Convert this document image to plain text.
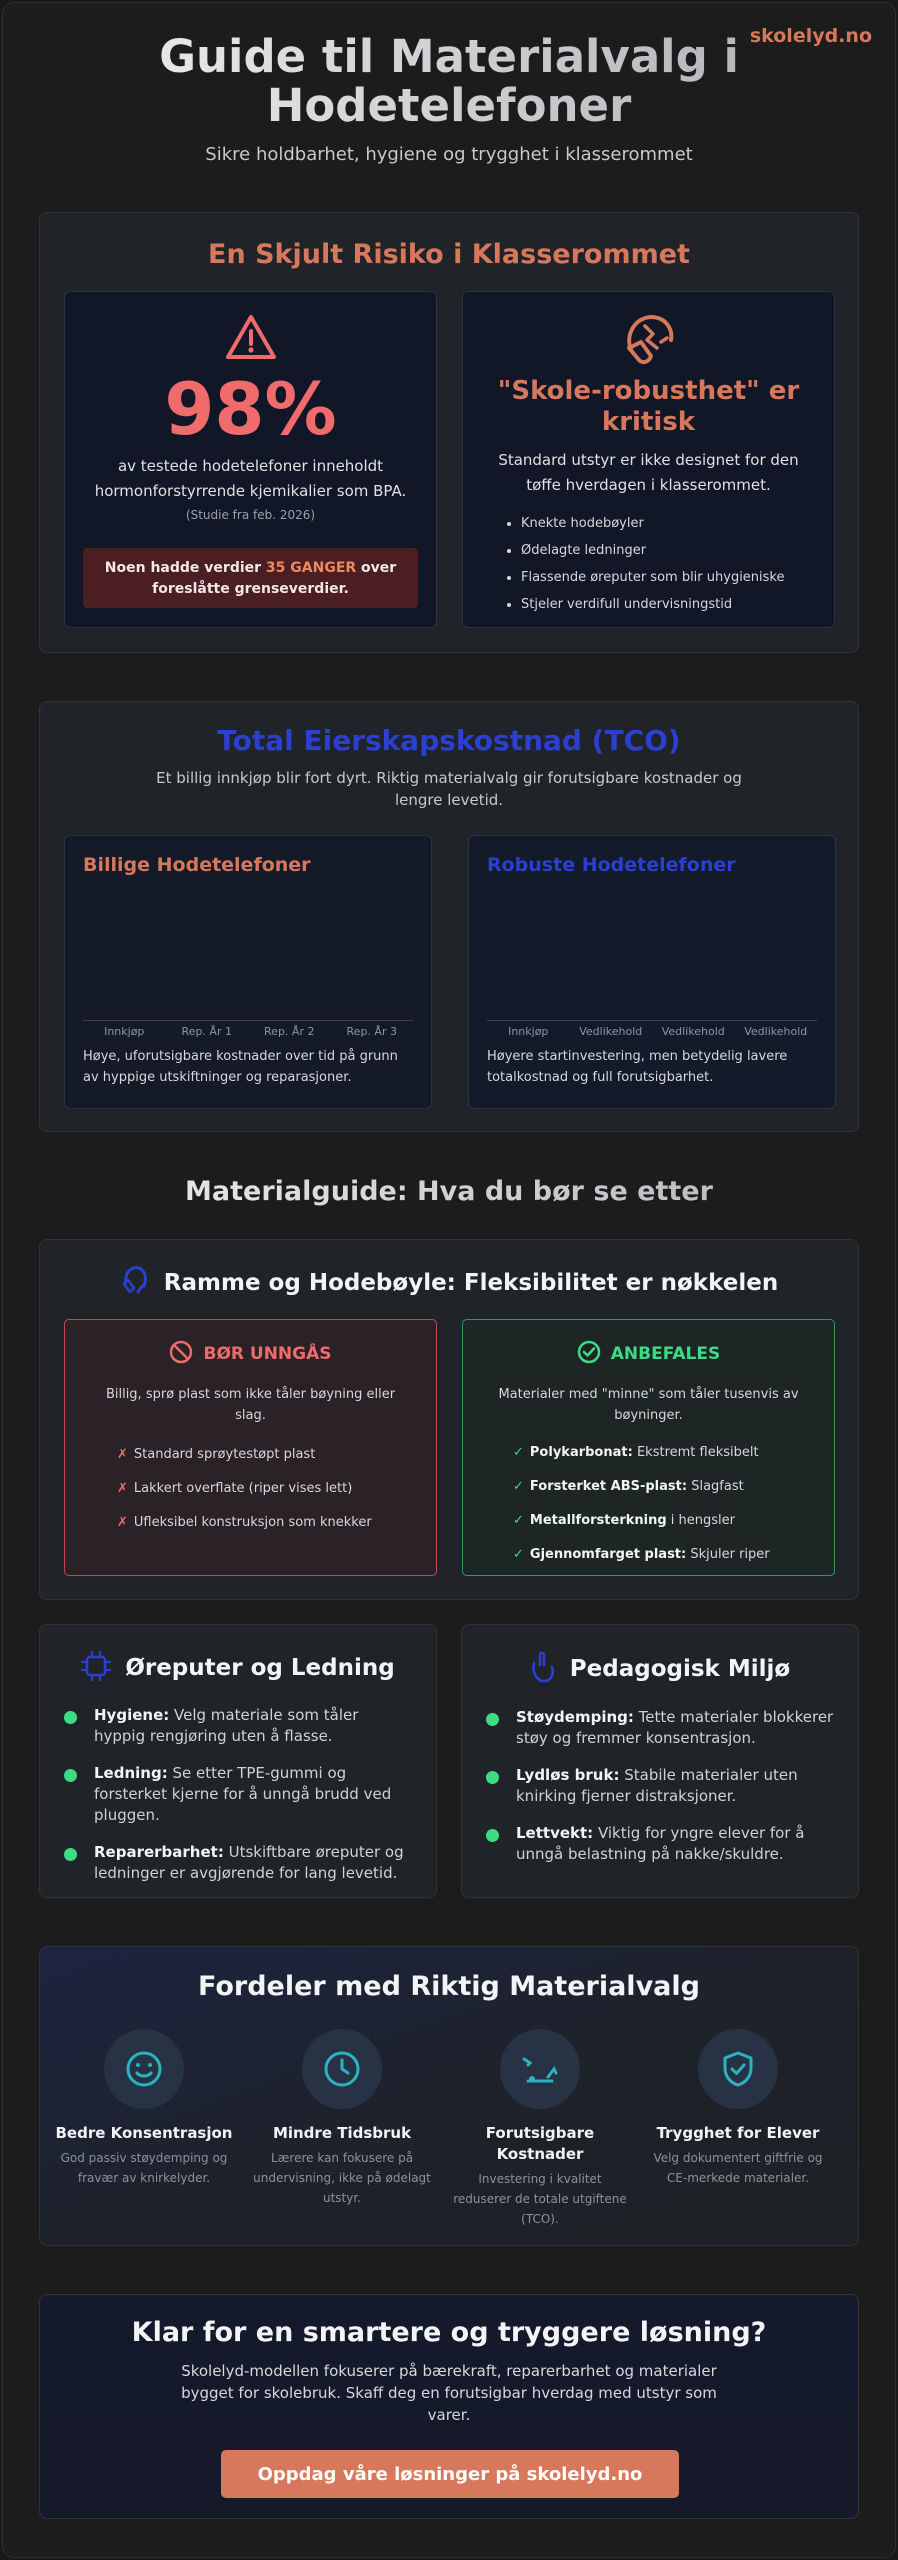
Guide til Materialvalg i Hodetelefoner

Sikre holdbarhet, hygiene og trygghet i klasserommet

En Skjult Risiko i Klasserommet
98%
av testede hodetelefoner inneholdt hormonforstyrrende kjemikalier som BPA.
(Studie fra feb. 2026)
Noen hadde verdier 35 GANGER over foreslåtte grenseverdier.
"Skole-robusthet" er kritisk
Standard utstyr er ikke designet for den tøffe hverdagen i klasserommet.
• Knekte hodebøyler
• Ødelagte ledninger
• Flassende øreputer som blir uhygieniske
• Stjeler verdifull undervisningstid
Total Eierskapskostnad (TCO)
Et billig innkjøp blir fort dyrt. Riktig materialvalg gir forutsigbare kostnader og lengre levetid.
Billige Hodetelefoner
Innkjøp	Rep. År 1	Rep. År 2	Rep. År 3
Høye, uforutsigbare kostnader over tid på grunn av hyppige utskiftninger og reparasjoner.
Robuste Hodetelefoner
Innkjøp	Vedlikehold	Vedlikehold	Vedlikehold
Høyere startinvestering, men betydelig lavere totalkostnad og full forutsigbarhet.
Materialguide: Hva du bør se etter
Ramme og Hodebøyle: Fleksibilitet er nøkkelen
BØR UNNGÅS
Billig, sprø plast som ikke tåler bøyning eller slag.
✗ Standard sprøytestøpt plast
✗ Lakkert overflate (riper vises lett)
✗ Ufleksibel konstruksjon som knekker
ANBEFALES
Materialer med "minne" som tåler tusenvis av bøyninger.
✓ Polykarbonat: Ekstremt fleksibelt
✓ Forsterket ABS-plast: Slagfast
✓ Metallforsterkning i hengsler
✓ Gjennomfarget plast: Skjuler riper
Øreputer og Ledning
Hygiene: Velg materiale som tåler hyppig rengjøring uten å flasse.
Ledning: Se etter TPE-gummi og forsterket kjerne for å unngå brudd ved pluggen.
Reparerbarhet: Utskiftbare øreputer og ledninger er avgjørende for lang levetid.
Pedagogisk Miljø
Støydemping: Tette materialer blokkerer støy og fremmer konsentrasjon.
Lydløs bruk: Stabile materialer uten knirking fjerner distraksjoner.
Lettvekt: Viktig for yngre elever for å unngå belastning på nakke/skuldre.
Fordeler med Riktig Materialvalg
Bedre Konsentrasjon
God passiv støydemping og fravær av knirkelyder.
Mindre Tidsbruk
Lærere kan fokusere på undervisning, ikke på ødelagt utstyr.
Forutsigbare Kostnader
Investering i kvalitet reduserer de totale utgiftene (TCO).
Trygghet for Elever
Velg dokumentert giftfrie og CE-merkede materialer.
Klar for en smartere og tryggere løsning?
Skolelyd-modellen fokuserer på bærekraft, reparerbarhet og materialer bygget for skolebruk. Skaff deg en forutsigbar hverdag med utstyr som varer.
Oppdag våre løsninger på skolelyd.no
